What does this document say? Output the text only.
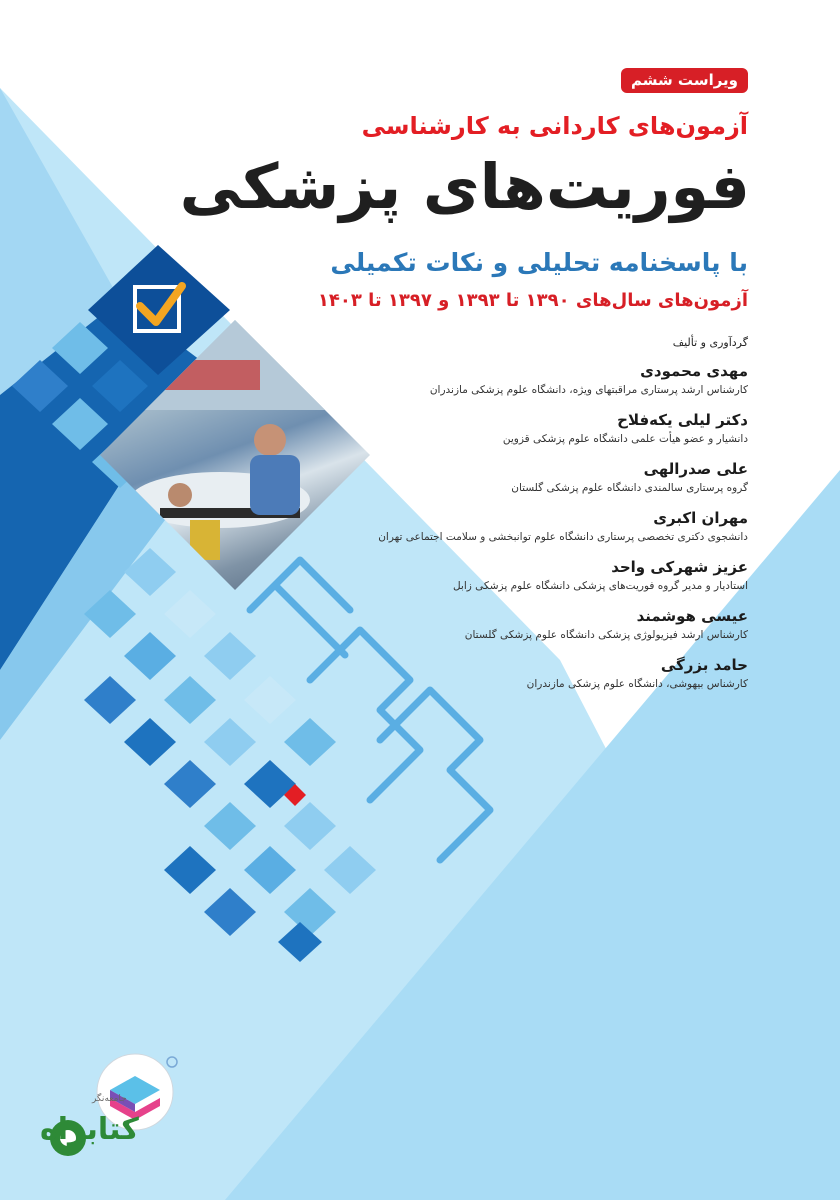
ویراست ششم
آزمون‌های کاردانی به کارشناسی
فوریت‌های پزشکی
با پاسخنامه تحلیلی و نکات تکمیلی
آزمون‌های سال‌های ۱۳۹۰ تا ۱۳۹۳ و ۱۳۹۷ تا ۱۴۰۳
گردآوری و تألیف
مهدی محمودی
کارشناس ارشد پرستاری مراقبتهای ویژه، دانشگاه علوم پزشکی مازندران
دکتر لیلی یکه‌فلاح
دانشیار و عضو هیأت علمی دانشگاه علوم پزشکی قزوین
علی صدرالهی
گروه پرستاری سالمندی دانشگاه علوم پزشکی گلستان
مهران اکبری
دانشجوی دکتری تخصصی پرستاری دانشگاه علوم توانبخشی و سلامت اجتماعی تهران
عزیز شهرکی واحد
استادیار و مدیر گروه فوریت‌های پزشکی دانشگاه علوم پزشکی زابل
عیسی هوشمند
کارشناس ارشد فیزیولوژی پزشکی دانشگاه علوم پزشکی گلستان
حامد بزرگی
کارشناس بیهوشی، دانشگاه علوم پزشکی مازندران
جامعه‌نگر
کتابراه
